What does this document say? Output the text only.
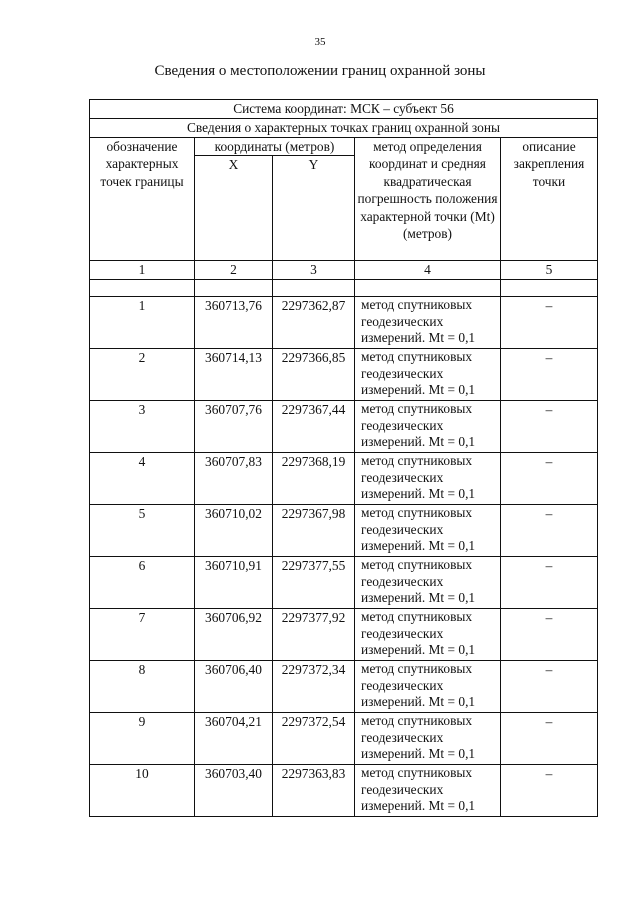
35
Сведения о местоположении границ охранной зоны
Система координат: МСК – субъект 56				
Сведения о характерных точках границ охранной зоны				
обозначение характерных точек границы	координаты (метров)		метод определения координат и средняя квадратическая погрешность положения характерной точки (Mt) (метров)	описание закрепления точки
	X	Y		
1	2	3	4	5

1	360713,76	2297362,87	метод спутниковых геодезических измерений. Mt = 0,1	–
2	360714,13	2297366,85	метод спутниковых геодезических измерений. Mt = 0,1	–
3	360707,76	2297367,44	метод спутниковых геодезических измерений. Mt = 0,1	–
4	360707,83	2297368,19	метод спутниковых геодезических измерений. Mt = 0,1	–
5	360710,02	2297367,98	метод спутниковых геодезических измерений. Mt = 0,1	–
6	360710,91	2297377,55	метод спутниковых геодезических измерений. Mt = 0,1	–
7	360706,92	2297377,92	метод спутниковых геодезических измерений. Mt = 0,1	–
8	360706,40	2297372,34	метод спутниковых геодезических измерений. Mt = 0,1	–
9	360704,21	2297372,54	метод спутниковых геодезических измерений. Mt = 0,1	–
10	360703,40	2297363,83	метод спутниковых геодезических измерений. Mt = 0,1	–
